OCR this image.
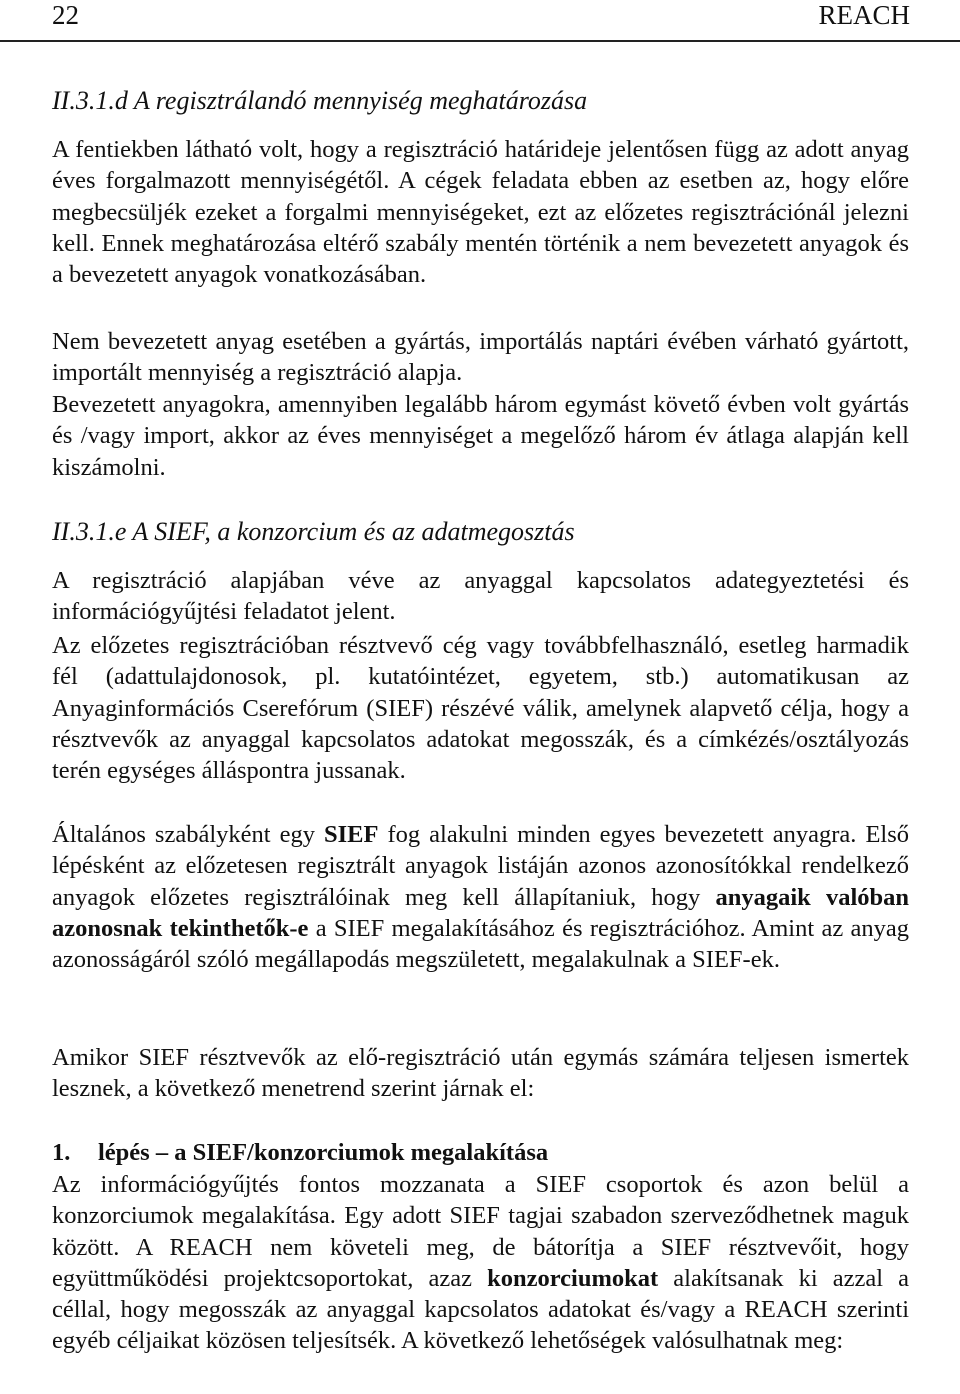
22	REACH
II.3.1.d A regisztrálandó mennyiség meghatározása
A fentiekben látható volt, hogy a regisztráció határideje jelentősen függ az adott anyag éves forgalmazott mennyiségétől. A cégek feladata ebben az esetben az, hogy előre megbecsüljék ezeket a forgalmi mennyiségeket, ezt az előzetes regisztrációnál jelezni kell. Ennek meghatározása eltérő szabály mentén történik a nem bevezetett anyagok és a bevezetett anyagok vonatkozásában.
Nem bevezetett anyag esetében a gyártás, importálás naptári évében várható gyártott, importált mennyiség a regisztráció alapja.
Bevezetett anyagokra, amennyiben legalább három egymást követő évben volt gyártás és /vagy import, akkor az éves mennyiséget a megelőző három év átlaga alapján kell kiszámolni.
II.3.1.e A SIEF, a konzorcium és az adatmegosztás
A regisztráció alapjában véve az anyaggal kapcsolatos adategyeztetési és információgyűjtési feladatot jelent.
Az előzetes regisztrációban résztvevő cég vagy továbbfelhasználó, esetleg harmadik fél (adattulajdonosok, pl. kutatóintézet, egyetem, stb.) automatikusan az Anyaginformációs Cserefórum (SIEF) részévé válik, amelynek alapvető célja, hogy a résztvevők az anyaggal kapcsolatos adatokat megosszák, és a címkézés/osztályozás terén egységes álláspontra jussanak.
Általános szabályként egy SIEF fog alakulni minden egyes bevezetett anyagra. Első lépésként az előzetesen regisztrált anyagok listáján azonos azonosítókkal rendelkező anyagok előzetes regisztrálóinak meg kell állapítaniuk, hogy anyagaik valóban azonosnak tekinthetők-e a SIEF megalakításához és regisztrációhoz. Amint az anyag azonosságáról szóló megállapodás megszületett, megalakulnak a SIEF-ek.
Amikor SIEF résztvevők az elő-regisztráció után egymás számára teljesen ismertek lesznek, a következő menetrend szerint járnak el:
1. lépés – a SIEF/konzorciumok megalakítása
Az információgyűjtés fontos mozzanata a SIEF csoportok és azon belül a konzorciumok megalakítása. Egy adott SIEF tagjai szabadon szerveződhetnek maguk között. A REACH nem követeli meg, de bátorítja a SIEF résztvevőit, hogy együttműködési projektcsoportokat, azaz konzorciumokat alakítsanak ki azzal a céllal, hogy megosszák az anyaggal kapcsolatos adatokat és/vagy a REACH szerinti egyéb céljaikat közösen teljesítsék. A következő lehetőségek valósulhatnak meg:
